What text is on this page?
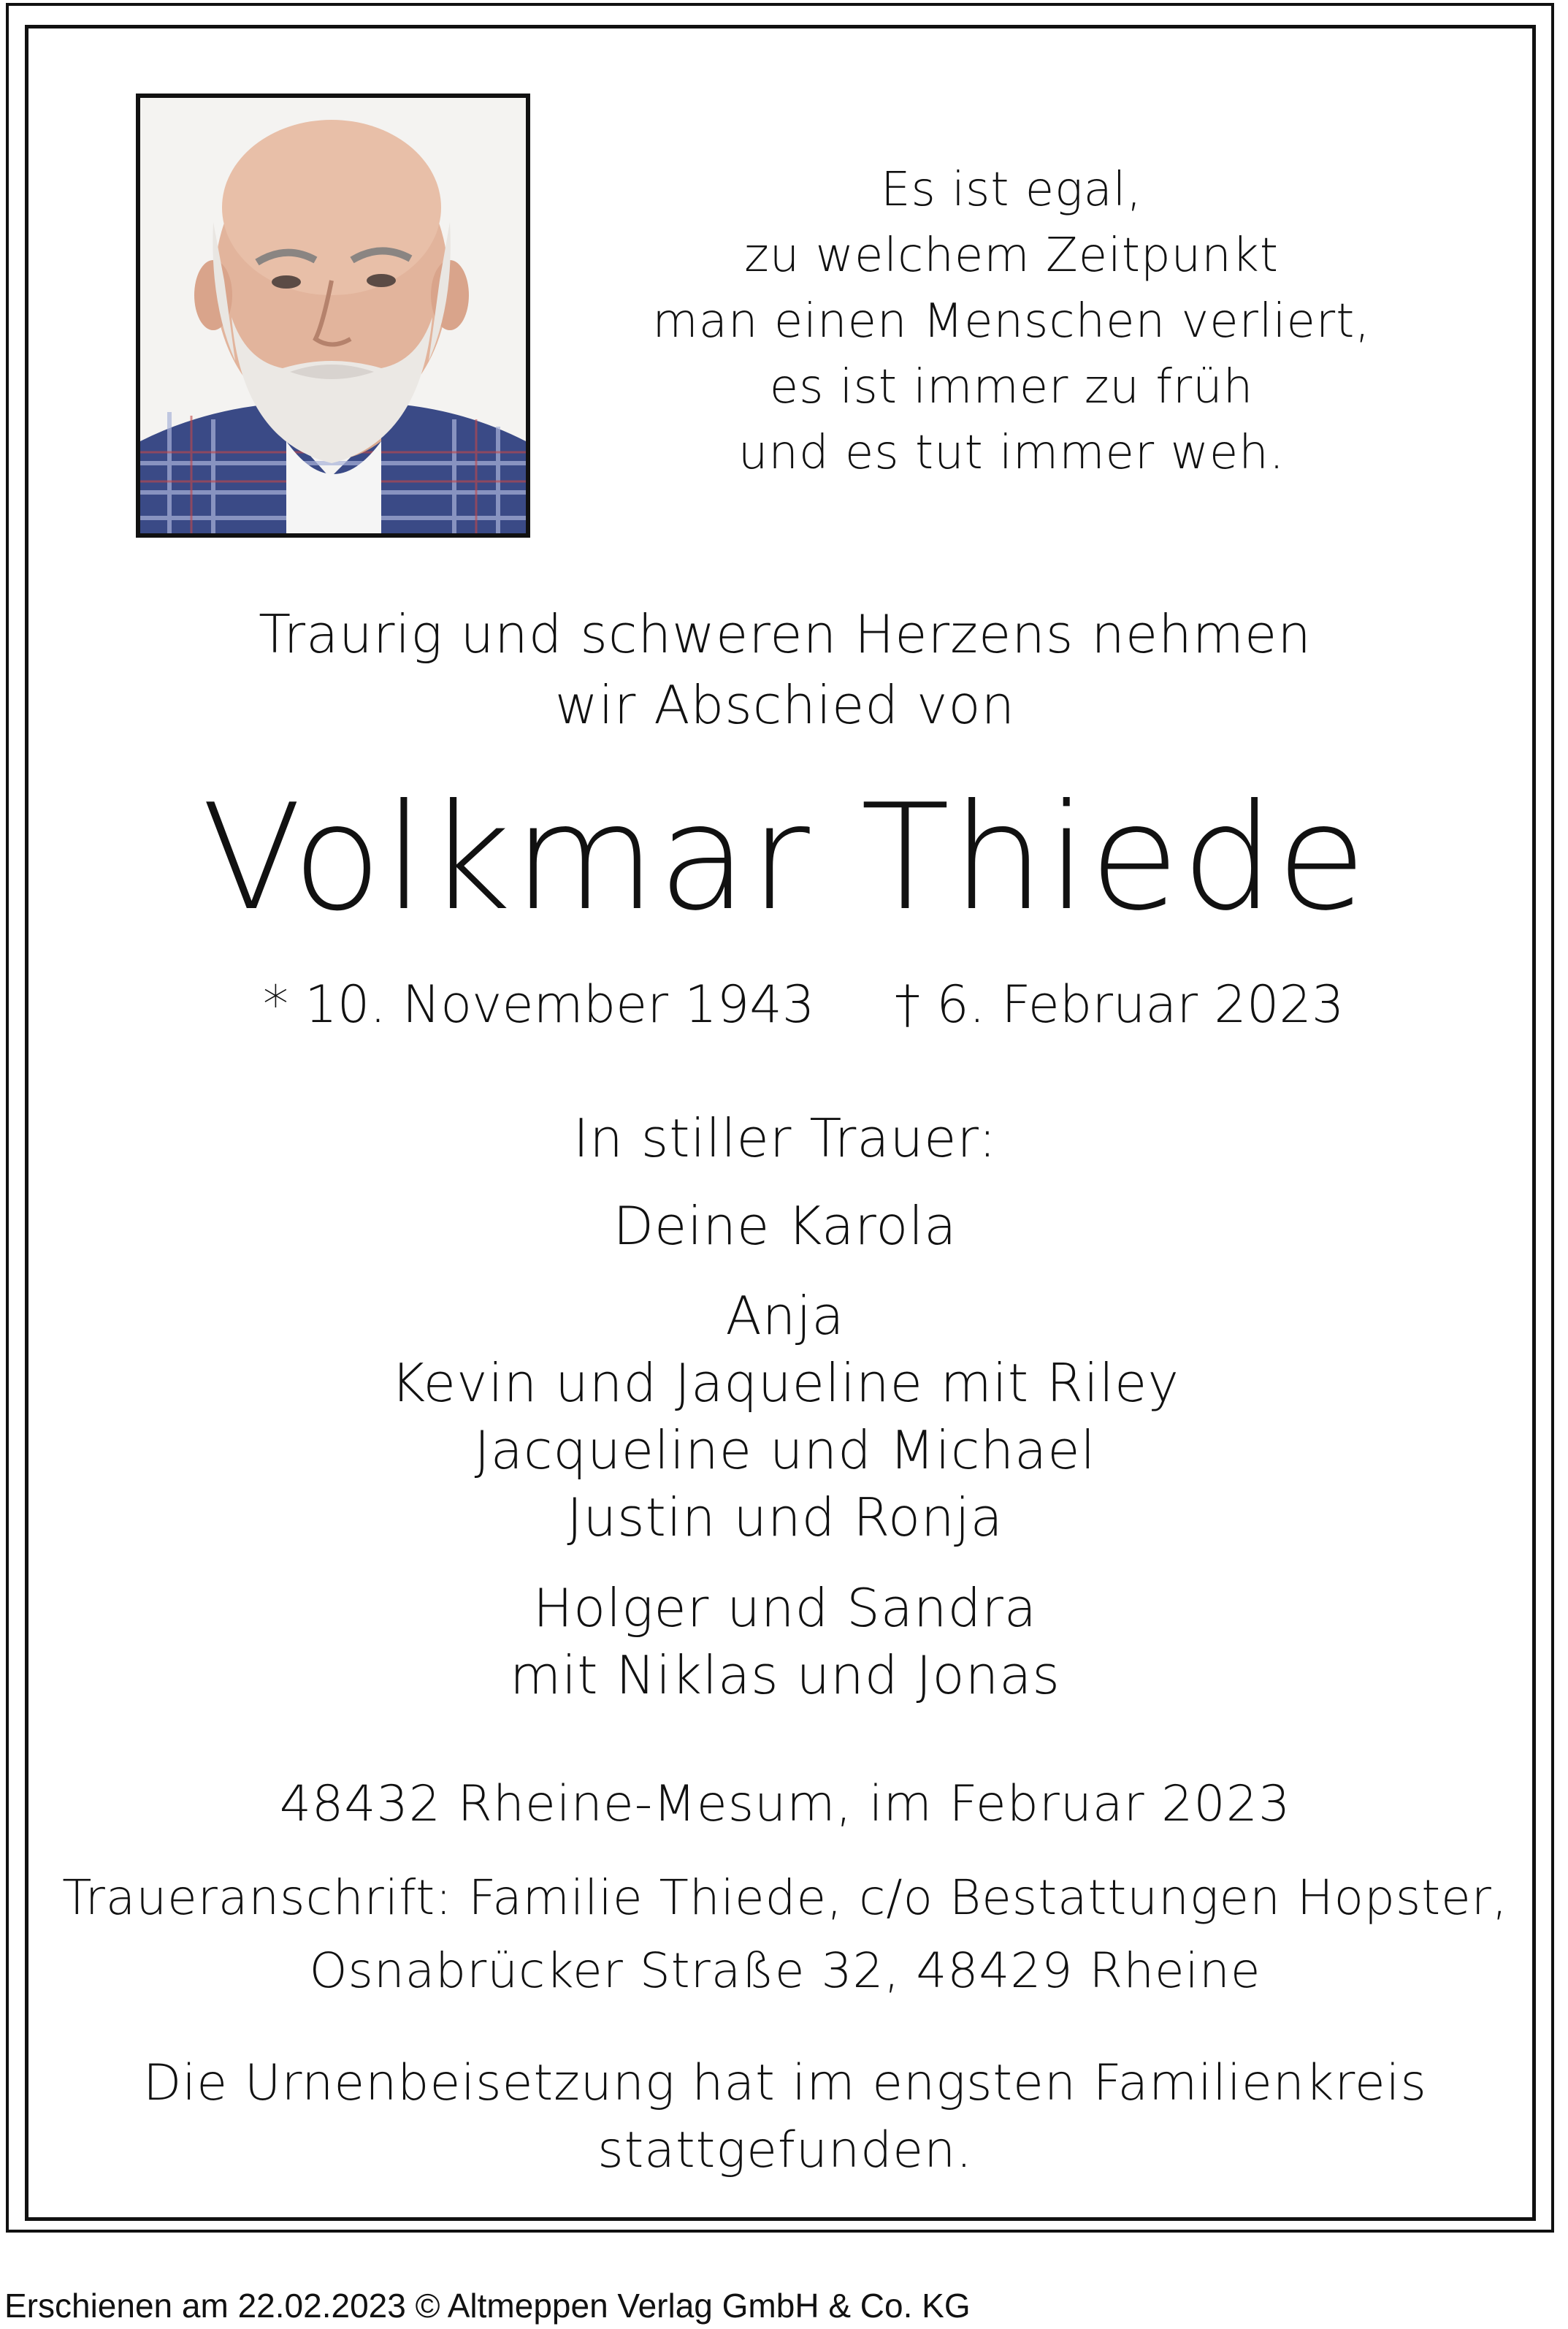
Es ist egal,
zu welchem Zeitpunkt
man einen Menschen verliert,
es ist immer zu früh
und es tut immer weh.
Traurig und schweren Herzens nehmen
wir Abschied von
Volkmar Thiede
* 10. November 1943 † 6. Februar 2023
In stiller Trauer:
Deine Karola
Anja
Kevin und Jaqueline mit Riley
Jacqueline und Michael
Justin und Ronja
Holger und Sandra
mit Niklas und Jonas
48432 Rheine-Mesum, im Februar 2023
Traueranschrift: Familie Thiede, c/o Bestattungen Hopster,
Osnabrücker Straße 32, 48429 Rheine
Die Urnenbeisetzung hat im engsten Familienkreis
stattgefunden.
Erschienen am 22.02.2023 © Altmeppen Verlag GmbH & Co. KG
